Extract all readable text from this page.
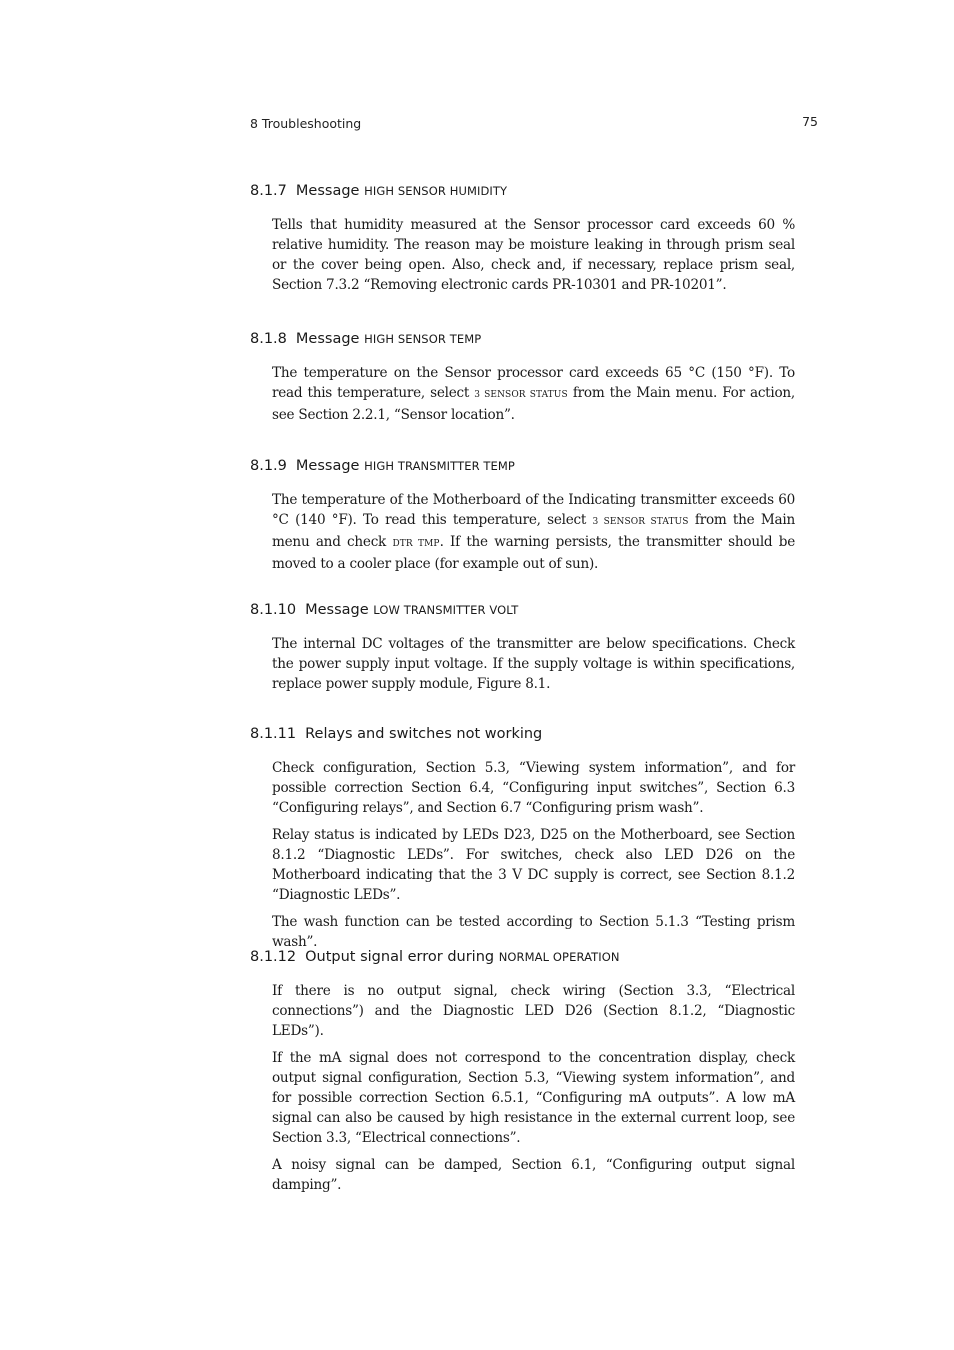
8 Troubleshooting	75
8.1.7 Message HIGH SENSOR HUMIDITY

Tells that humidity measured at the Sensor processor card exceeds 60 % relative humidity. The reason may be moisture leaking in through prism seal or the cover being open. Also, check and, if necessary, replace prism seal, Section 7.3.2 “Removing electronic cards PR-10301 and PR-10201”.

8.1.8 Message HIGH SENSOR TEMP

The temperature on the Sensor processor card exceeds 65 °C (150 °F). To read this temperature, select 3 SENSOR STATUS from the Main menu. For action, see Section 2.2.1, “Sensor location”.

8.1.9 Message HIGH TRANSMITTER TEMP

The temperature of the Motherboard of the Indicating transmitter exceeds 60 °C (140 °F). To read this temperature, select 3 SENSOR STATUS from the Main menu and check DTR TMP. If the warning persists, the transmitter should be moved to a cooler place (for example out of sun).

8.1.10 Message LOW TRANSMITTER VOLT

The internal DC voltages of the transmitter are below specifications. Check the power supply input voltage. If the supply voltage is within specifications, replace power supply module, Figure 8.1.

8.1.11 Relays and switches not working

Check configuration, Section 5.3, “Viewing system information”, and for possible correction Section 6.4, “Configuring input switches”, Section 6.3 “Configuring relays”, and Section 6.7 “Configuring prism wash”.

Relay status is indicated by LEDs D23, D25 on the Motherboard, see Section 8.1.2 “Diagnostic LEDs”. For switches, check also LED D26 on the Motherboard indicating that the 3 V DC supply is correct, see Section 8.1.2 “Diagnostic LEDs”.

The wash function can be tested according to Section 5.1.3 “Testing prism wash”.

8.1.12 Output signal error during NORMAL OPERATION

If there is no output signal, check wiring (Section 3.3, “Electrical connections”) and the Diagnostic LED D26 (Section 8.1.2, “Diagnostic LEDs”).

If the mA signal does not correspond to the concentration display, check output signal configuration, Section 5.3, “Viewing system information”, and for possible correction Section 6.5.1, “Configuring mA outputs”. A low mA signal can also be caused by high resistance in the external current loop, see Section 3.3, “Electrical connections”.

A noisy signal can be damped, Section 6.1, “Configuring output signal damping”.
